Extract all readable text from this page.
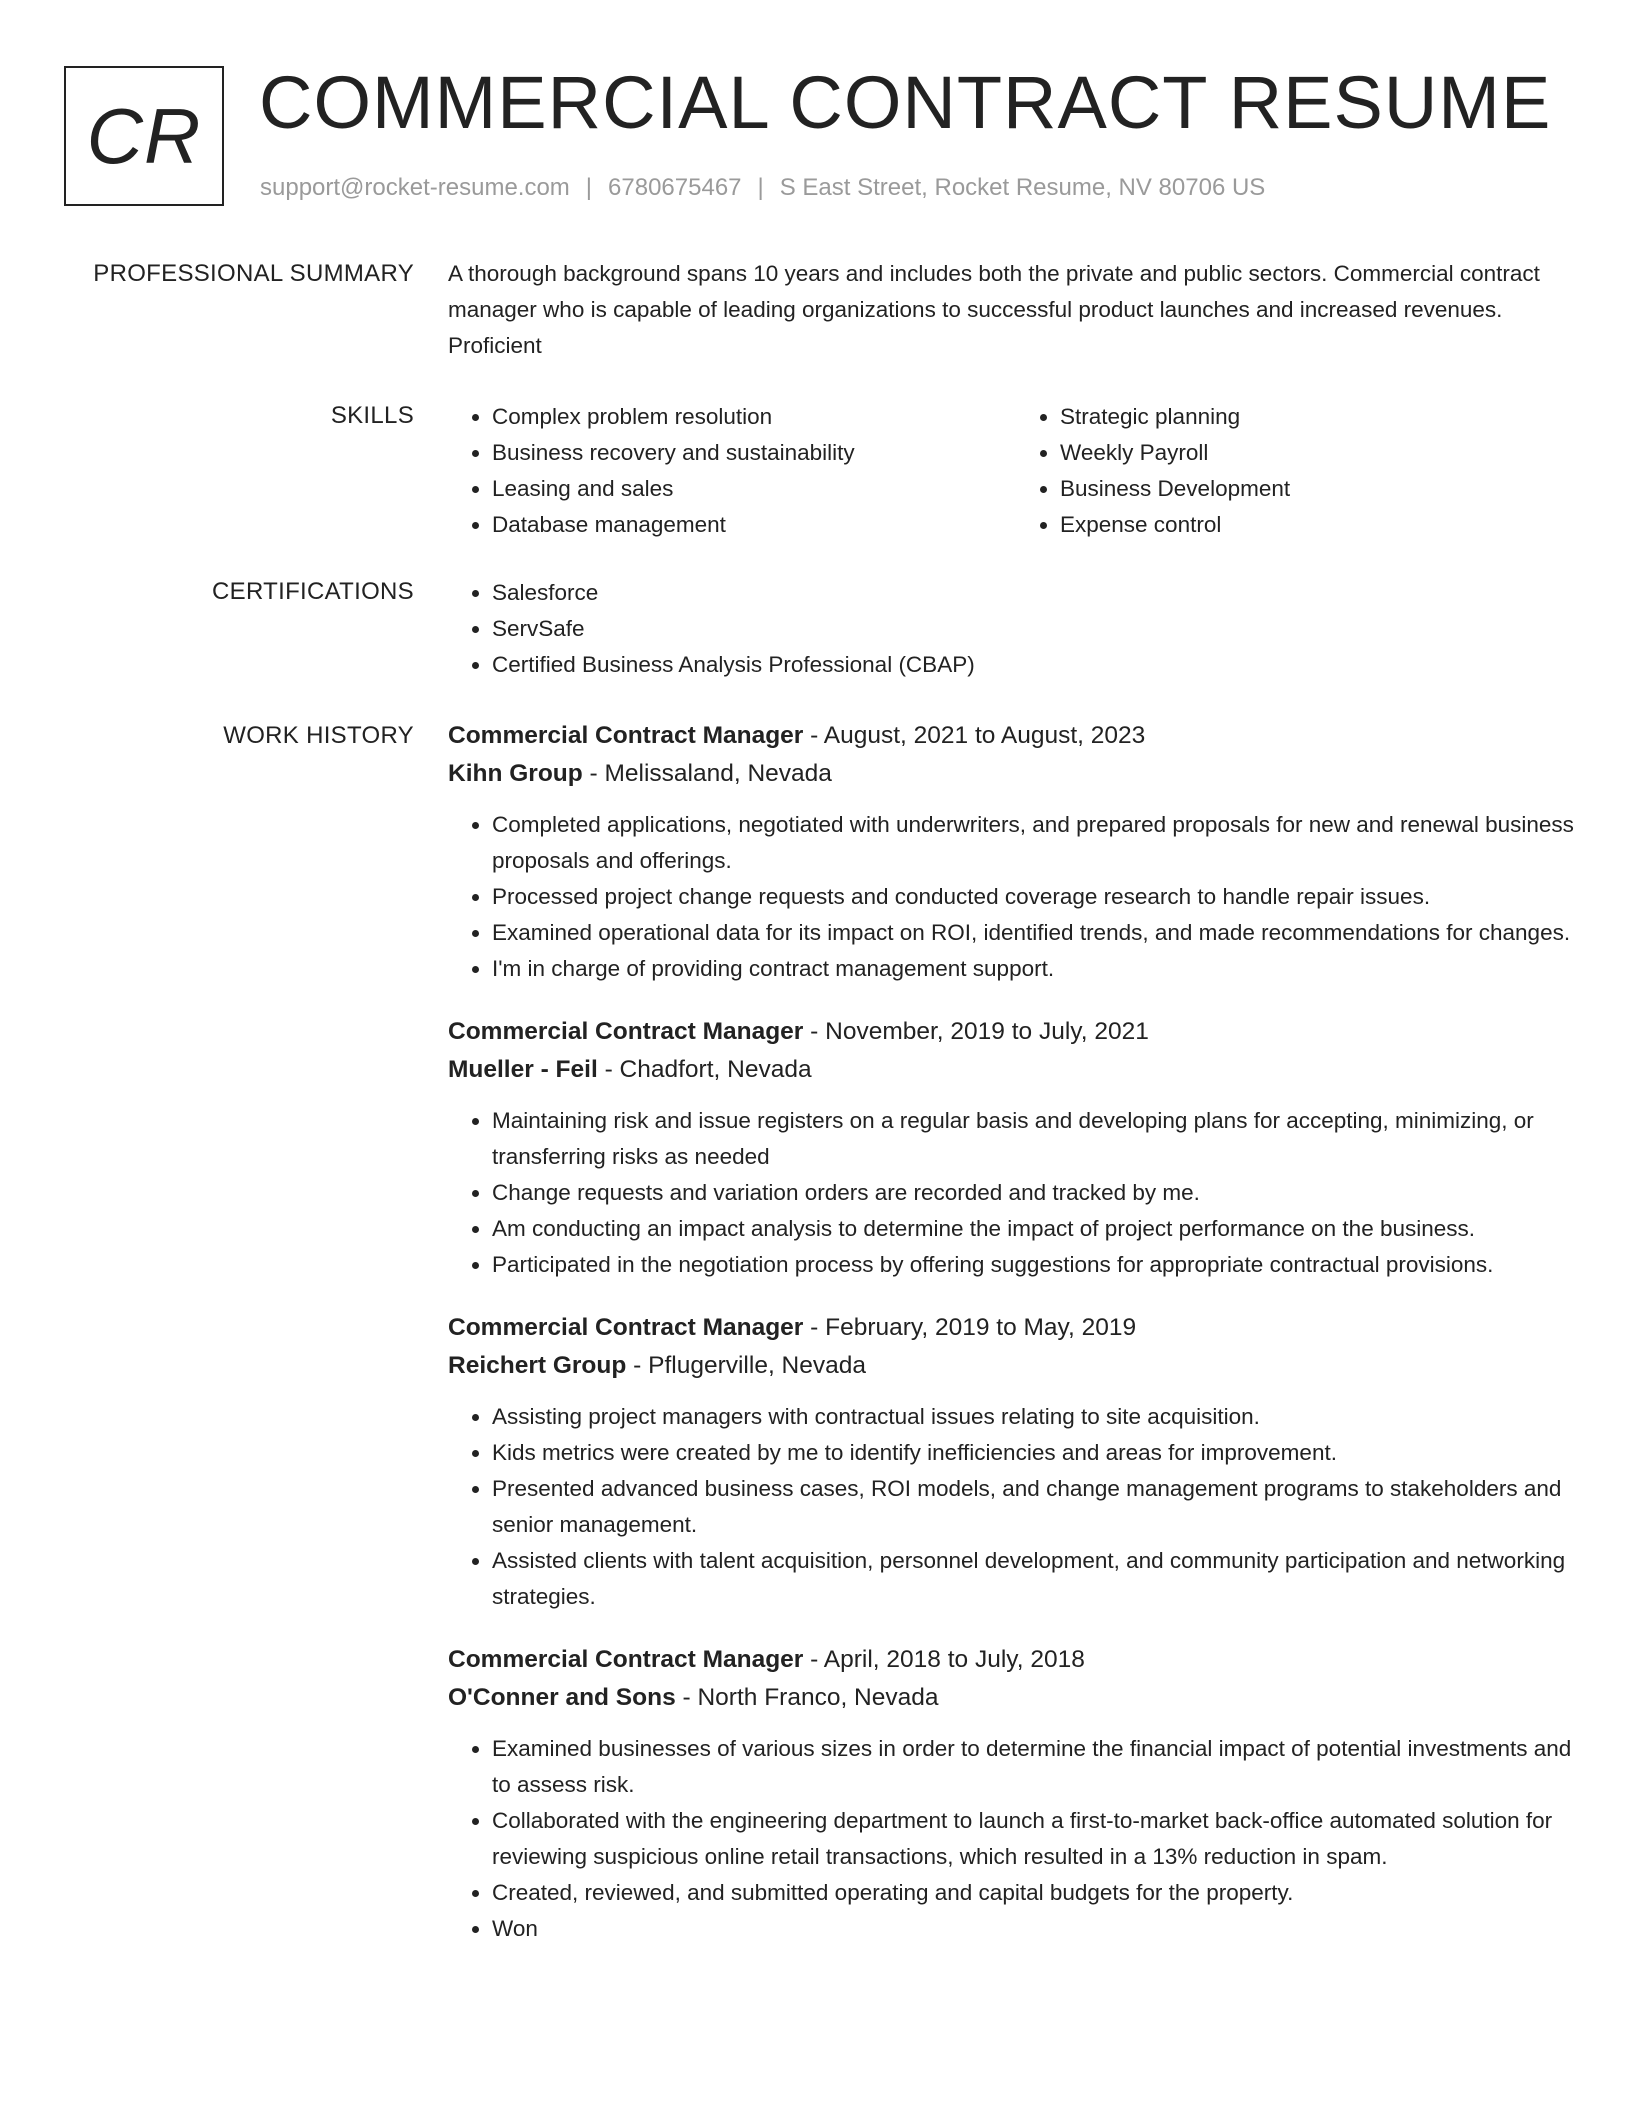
CR COMMERCIAL CONTRACT RESUME
support@rocket-resume.com | 6780675467 | S East Street, Rocket Resume, NV 80706 US
PROFESSIONAL SUMMARY A thorough background spans 10 years and includes both the private and public sectors. Commercial contract manager who is capable of leading organizations to successful product launches and increased revenues. Proficient
SKILLS	• Complex problem resolution
• Business recovery and sustainability
• Leasing and sales
• Database management
• Strategic planning
• Weekly Payroll
• Business Development
• Expense control
CERTIFICATIONS	• Salesforce
• ServSafe
• Certified Business Analysis Professional (CBAP)
WORK HISTORY Commercial Contract Manager - August, 2021 to August, 2023
Kihn Group - Melissaland, Nevada
• Completed applications, negotiated with underwriters, and prepared proposals for new and renewal business proposals and offerings.
• Processed project change requests and conducted coverage research to handle repair issues.
• Examined operational data for its impact on ROI, identified trends, and made recommendations for changes.
• I'm in charge of providing contract management support.
Commercial Contract Manager - November, 2019 to July, 2021
Mueller - Feil - Chadfort, Nevada
• Maintaining risk and issue registers on a regular basis and developing plans for accepting, minimizing, or transferring risks as needed
• Change requests and variation orders are recorded and tracked by me.
• Am conducting an impact analysis to determine the impact of project performance on the business.
• Participated in the negotiation process by offering suggestions for appropriate contractual provisions.
Commercial Contract Manager - February, 2019 to May, 2019
Reichert Group - Pflugerville, Nevada
• Assisting project managers with contractual issues relating to site acquisition.
• Kids metrics were created by me to identify inefficiencies and areas for improvement.
• Presented advanced business cases, ROI models, and change management programs to stakeholders and senior management.
• Assisted clients with talent acquisition, personnel development, and community participation and networking strategies.
Commercial Contract Manager - April, 2018 to July, 2018
O'Conner and Sons - North Franco, Nevada
• Examined businesses of various sizes in order to determine the financial impact of potential investments and to assess risk.
• Collaborated with the engineering department to launch a first-to-market back-office automated solution for reviewing suspicious online retail transactions, which resulted in a 13% reduction in spam.
• Created, reviewed, and submitted operating and capital budgets for the property.
• Won
